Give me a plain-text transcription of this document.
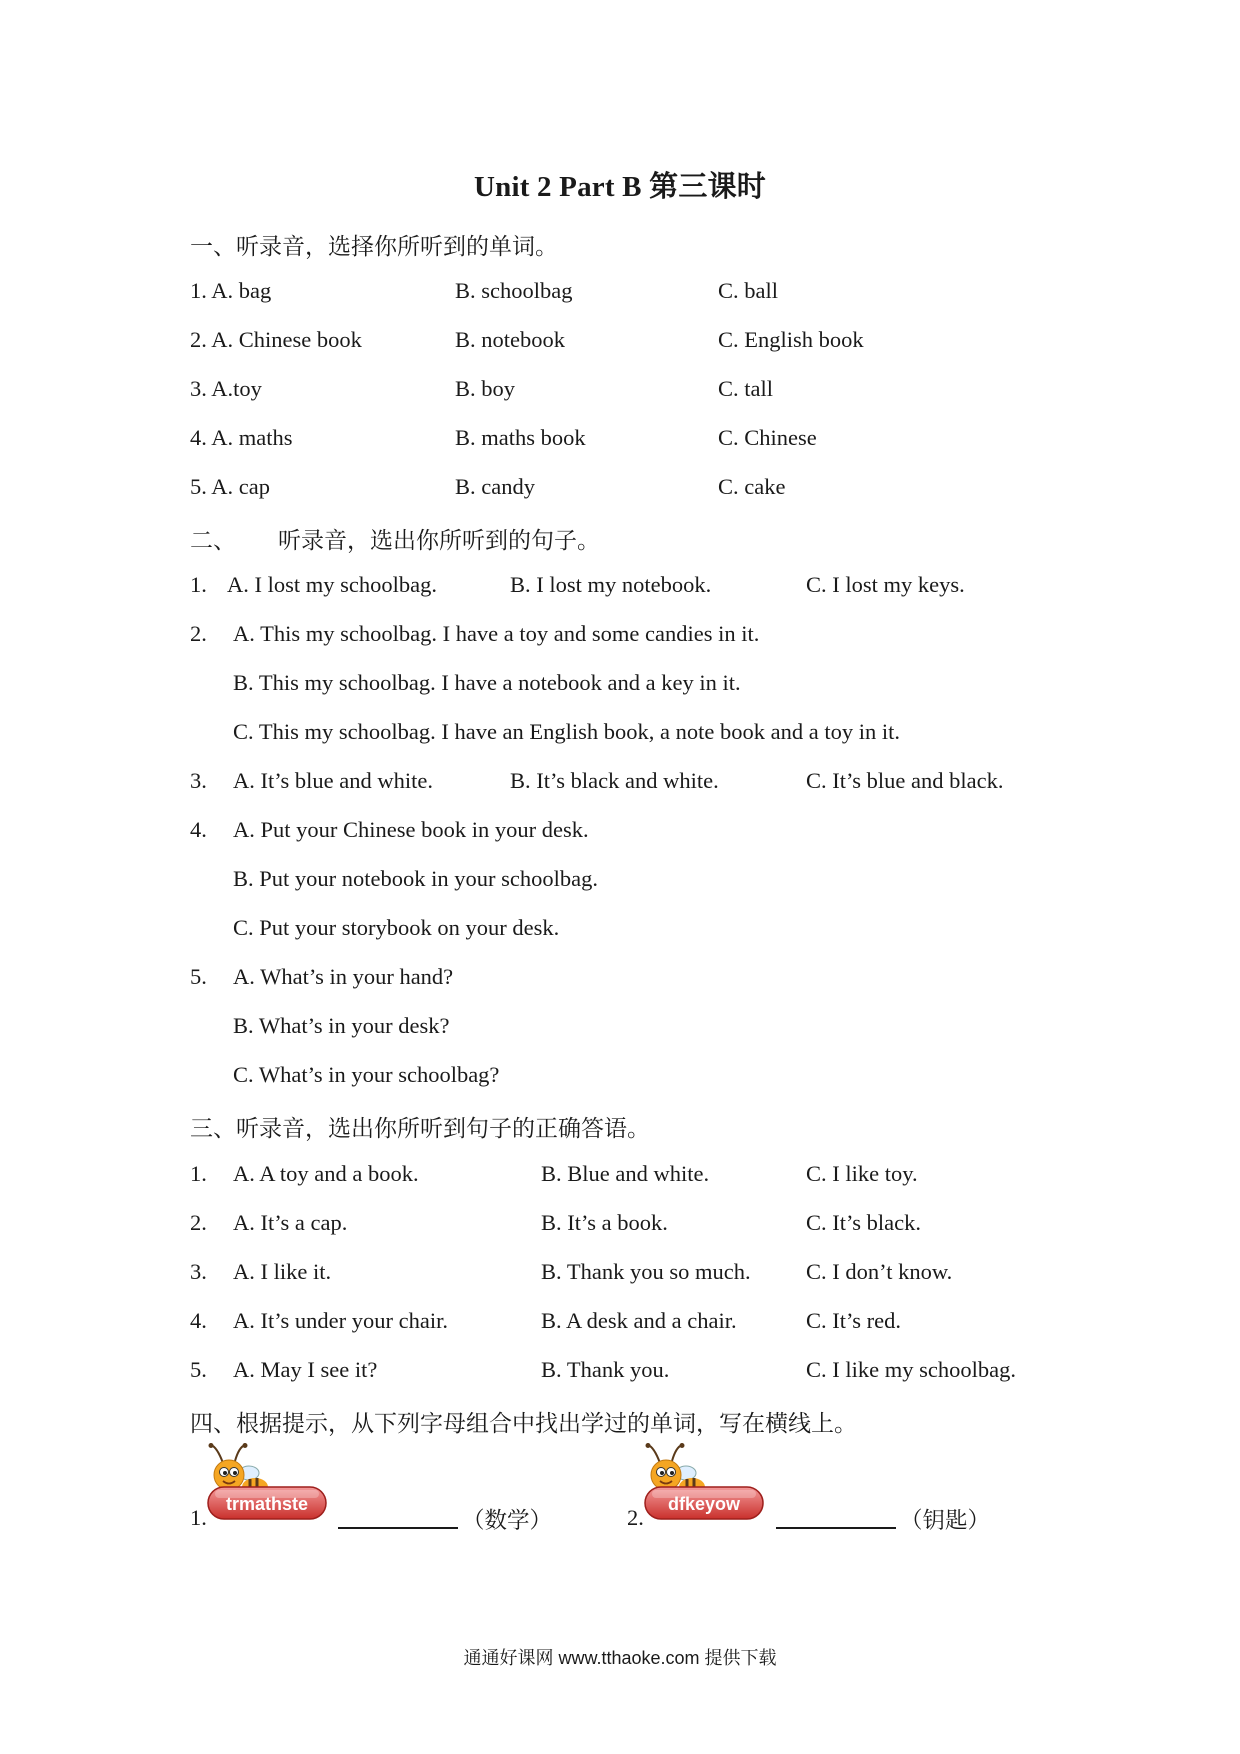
Unit 2 Part B 第三课时
一、听录音，选择你所听到的单词。
1. A. bag	B. schoolbag	C. ball
2. A. Chinese book	B. notebook	C. English book
3. A.toy	B. boy	C. tall
4. A. maths	B. maths book	C. Chinese
5. A. cap	B. candy	C. cake
二、 听录音，选出你所听到的句子。
1. A. I lost my schoolbag.	B. I lost my notebook.	C. I lost my keys.
2. A. This my schoolbag. I have a toy and some candies in it.
B. This my schoolbag. I have a notebook and a key in it.
C. This my schoolbag. I have an English book, a note book and a toy in it.
3. A. It’s blue and white.	B. It’s black and white.	C. It’s blue and black.
4. A. Put your Chinese book in your desk.
B. Put your notebook in your schoolbag.
C. Put your storybook on your desk.
5. A. What’s in your hand?
B. What’s in your desk?
C. What’s in your schoolbag?
三、听录音，选出你所听到句子的正确答语。
1. A. A toy and a book.	B. Blue and white.	C. I like toy.
2. A. It’s a cap.	B. It’s a book.	C. It’s black.
3. A. I like it.	B. Thank you so much. C. I don’t know.
4. A. It’s under your chair.	B. A desk and a chair.	C. It’s red.
5. A. May I see it?	B. Thank you.	C. I like my schoolbag.
四、根据提示，从下列字母组合中找出学过的单词，写在横线上。
1.
trmathste
（数学）	2.
dfkeyow
（钥匙）
通通好课网 www.tthaoke.com 提供下载
